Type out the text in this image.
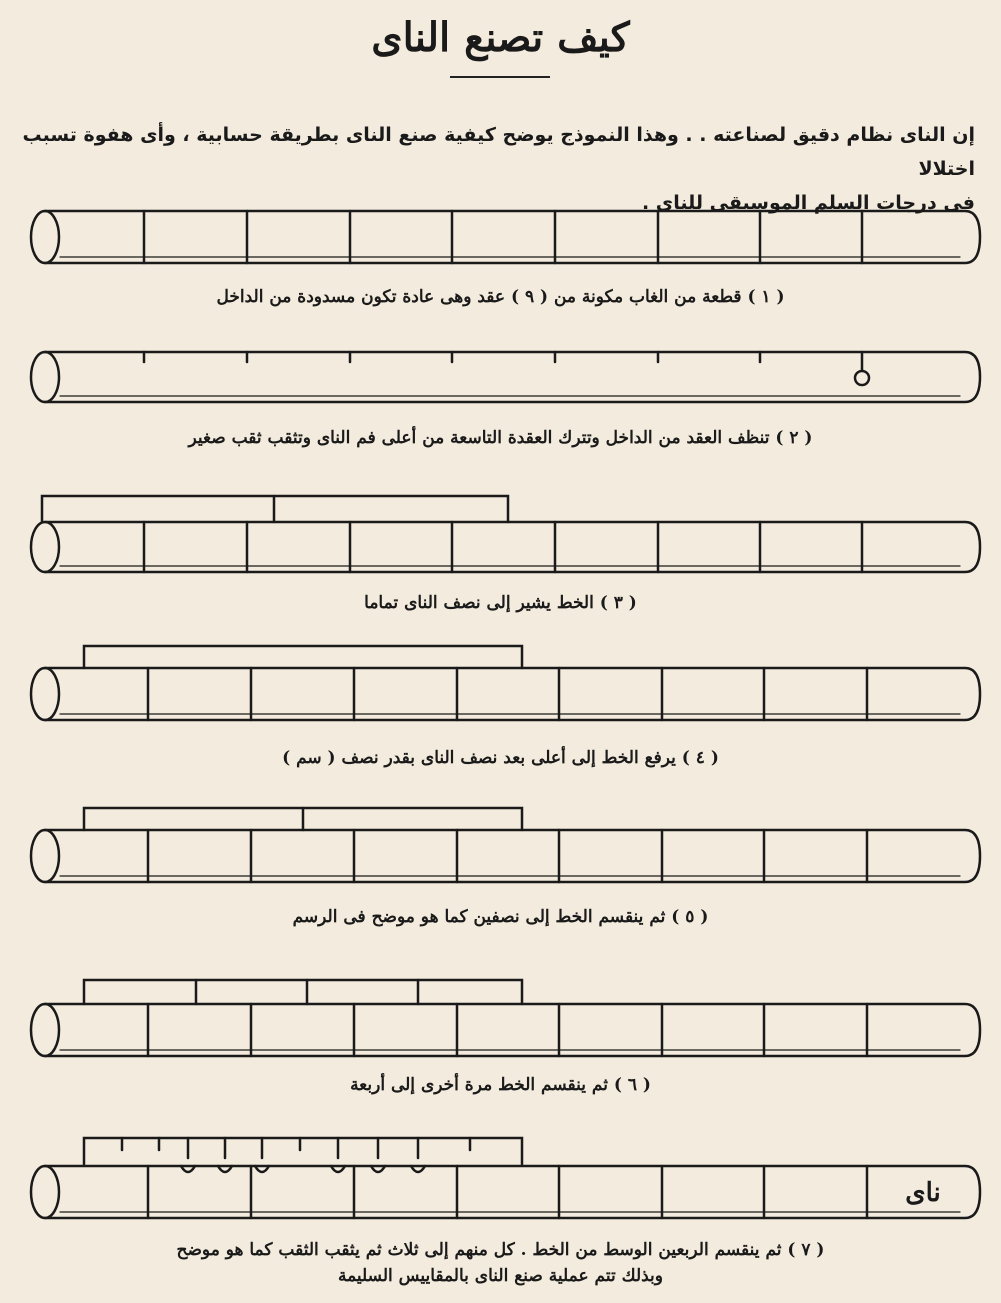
كيف تصنع الناى
إن الناى نظام دقيق لصناعته . . وهذا النموذج يوضح كيفية صنع الناى بطريقة حسابية ، وأى هفوة تسبب اختلالا
فى درجات السلم الموسيقى للناى .
ناى
( ١ ) قطعة من الغاب مكونة من ( ٩ ) عقد وهى عادة تكون مسدودة من الداخل
( ٢ ) تنظف العقد من الداخل وتترك العقدة التاسعة من أعلى فم الناى وتثقب ثقب صغير
( ٣ ) الخط يشير إلى نصف الناى تماما
( ٤ ) يرفع الخط إلى أعلى بعد نصف الناى بقدر نصف ( سم )
( ٥ ) ثم ينقسم الخط إلى نصفين كما هو موضح فى الرسم
( ٦ ) ثم ينقسم الخط مرة أخرى إلى أربعة
( ٧ ) ثم ينقسم الربعين الوسط من الخط . كل منهم إلى ثلاث ثم يثقب الثقب كما هو موضح
وبذلك تتم عملية صنع الناى بالمقاييس السليمة
